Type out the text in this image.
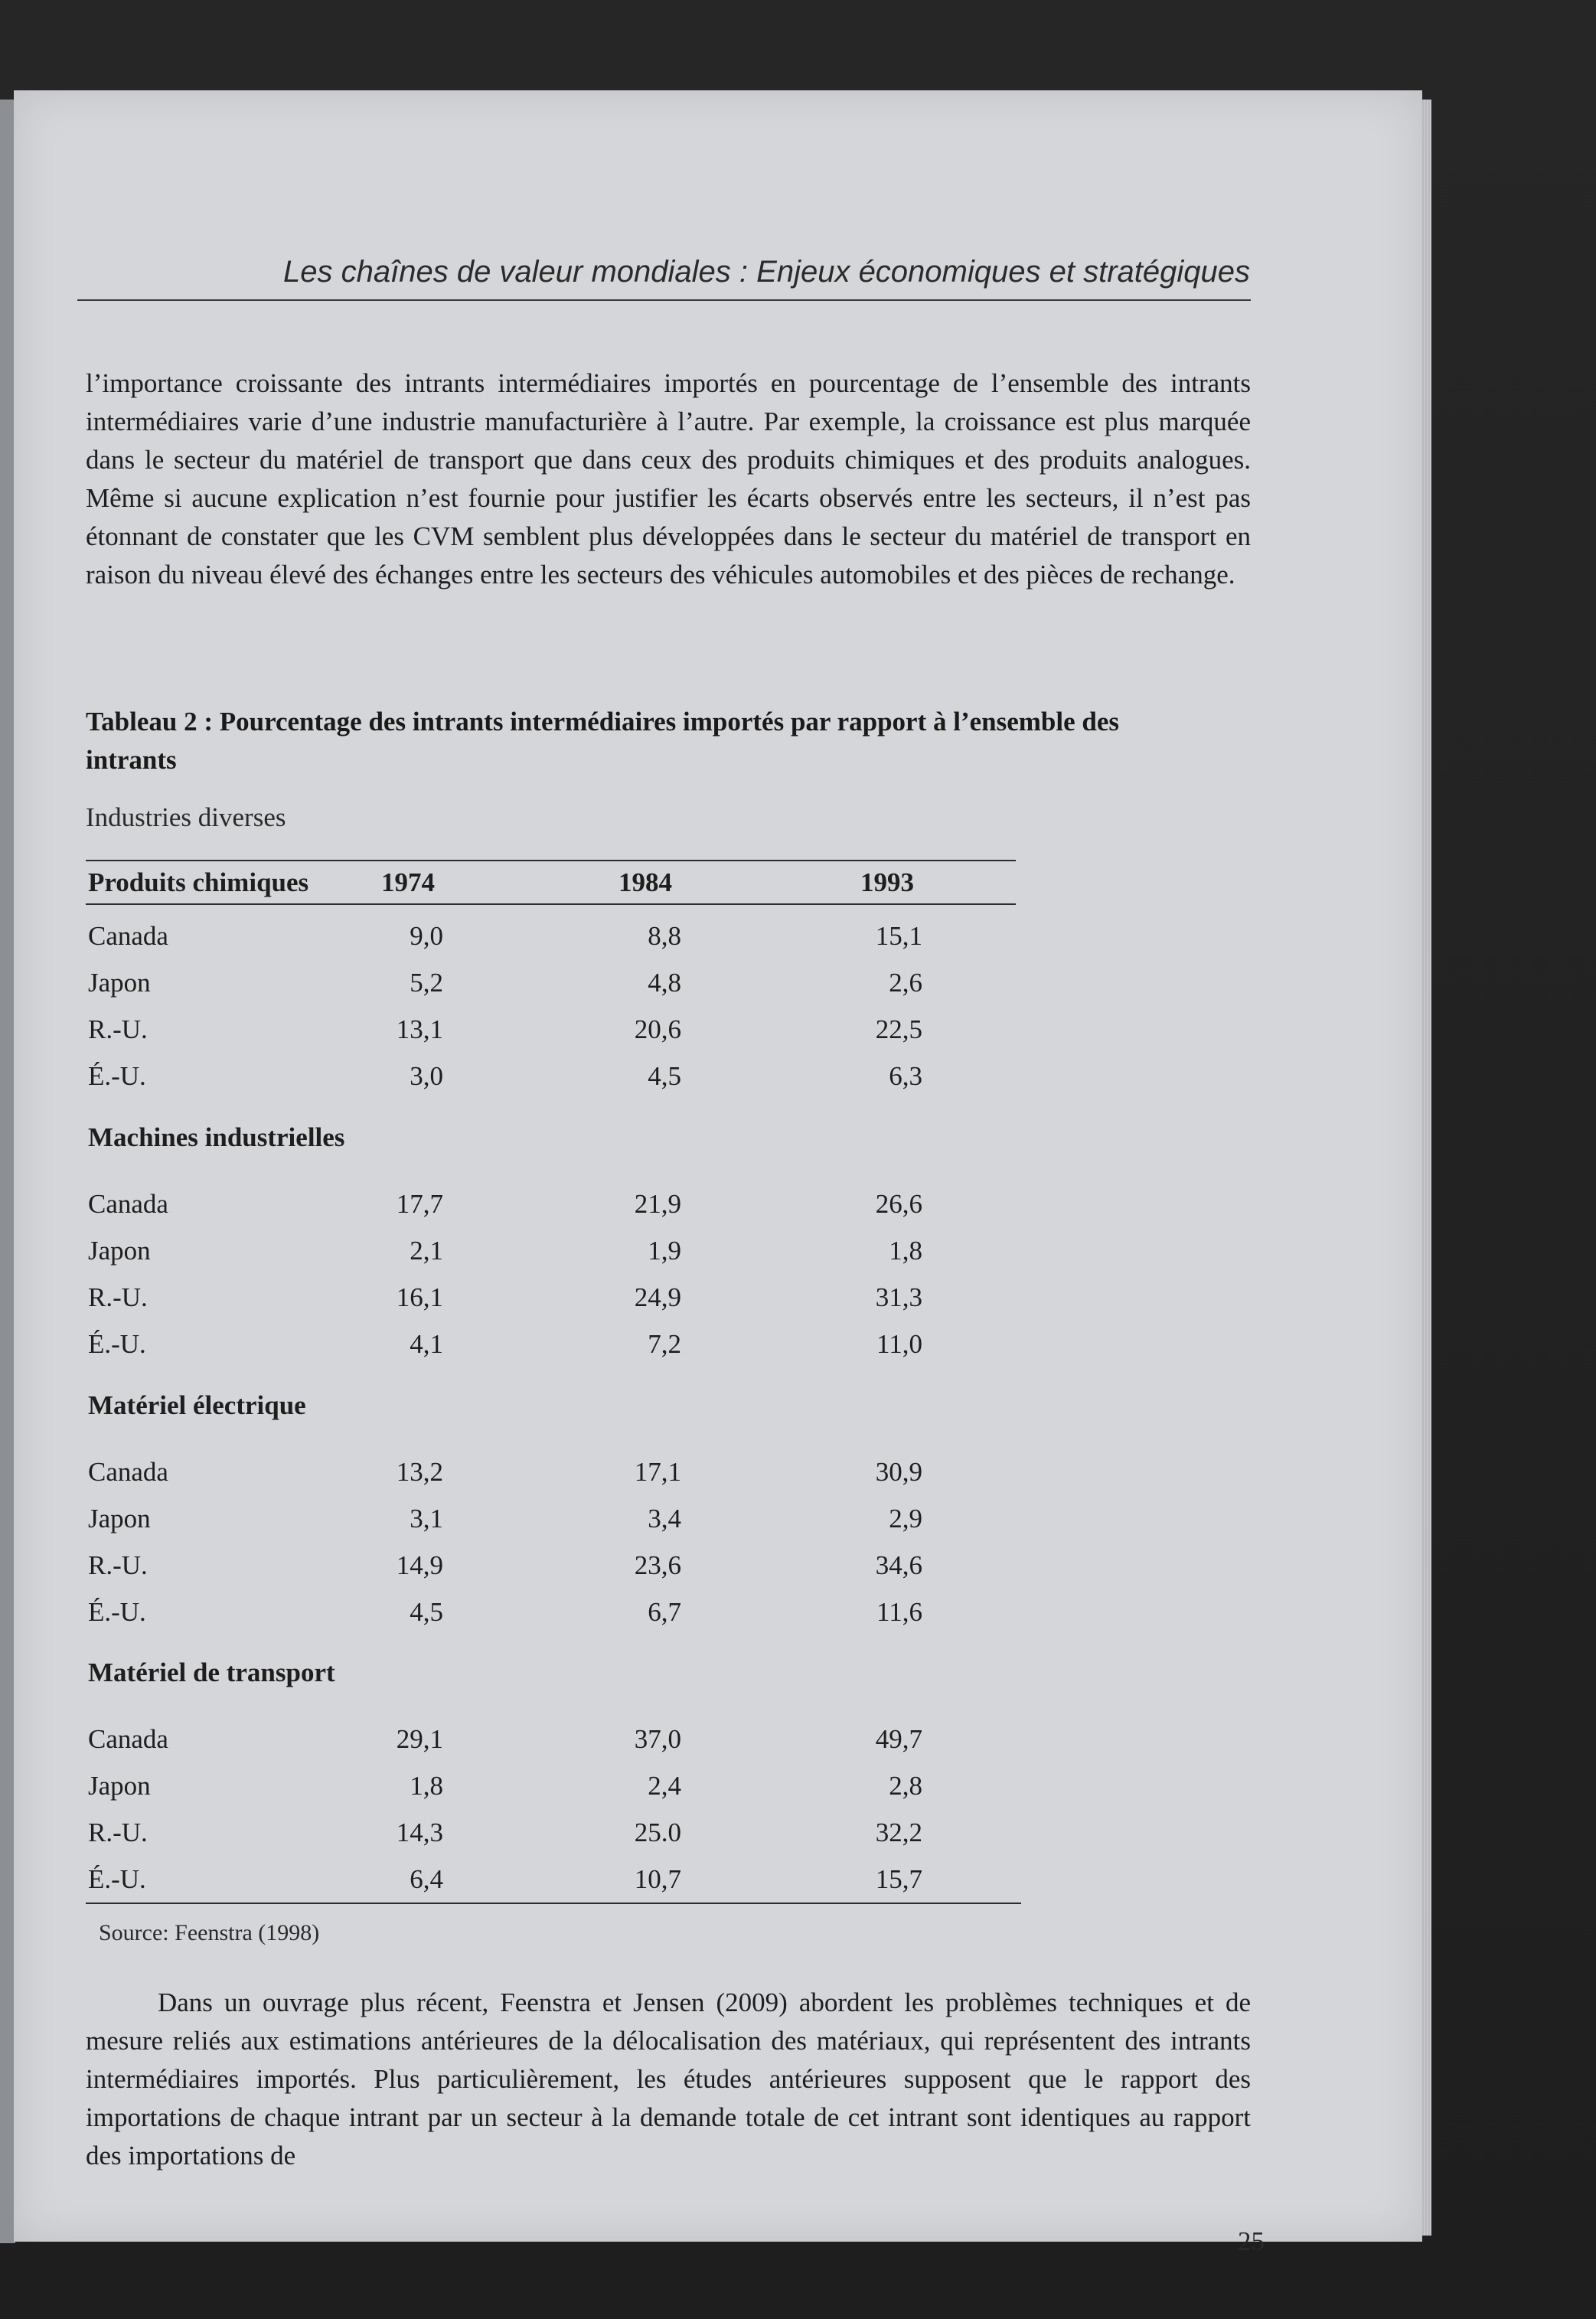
Les chaînes de valeur mondiales : Enjeux économiques et stratégiques
l’importance croissante des intrants intermédiaires importés en pourcentage de l’ensemble des intrants intermédiaires varie d’une industrie manufacturière à l’autre. Par exemple, la croissance est plus marquée dans le secteur du matériel de transport que dans ceux des produits chimiques et des produits analogues. Même si aucune explication n’est fournie pour justifier les écarts observés entre les secteurs, il n’est pas étonnant de constater que les CVM semblent plus développées dans le secteur du matériel de transport en raison du niveau élevé des échanges entre les secteurs des véhicules automobiles et des pièces de rechange.
Tableau 2 : Pourcentage des intrants intermédiaires importés par rapport à l’ensemble des intrants
Industries diverses
Produits chimiques	1974	1984	1993
Canada	9,0	8,8	15,1
Japon	5,2	4,8	2,6
R.-U.	13,1	20,6	22,5
É.-U.	3,0	4,5	6,3
Machines industrielles
Canada	17,7	21,9	26,6
Japon	2,1	1,9	1,8
R.-U.	16,1	24,9	31,3
É.-U.	4,1	7,2	11,0
Matériel électrique
Canada	13,2	17,1	30,9
Japon	3,1	3,4	2,9
R.-U.	14,9	23,6	34,6
É.-U.	4,5	6,7	11,6
Matériel de transport
Canada	29,1	37,0	49,7
Japon	1,8	2,4	2,8
R.-U.	14,3	25.0	32,2
É.-U.	6,4	10,7	15,7
Source: Feenstra (1998)
Dans un ouvrage plus récent, Feenstra et Jensen (2009) abordent les problèmes techniques et de mesure reliés aux estimations antérieures de la délocalisation des matériaux, qui représentent des intrants intermédiaires importés. Plus particulièrement, les études antérieures supposent que le rapport des importations de chaque intrant par un secteur à la demande totale de cet intrant sont identiques au rapport des importations de
25
